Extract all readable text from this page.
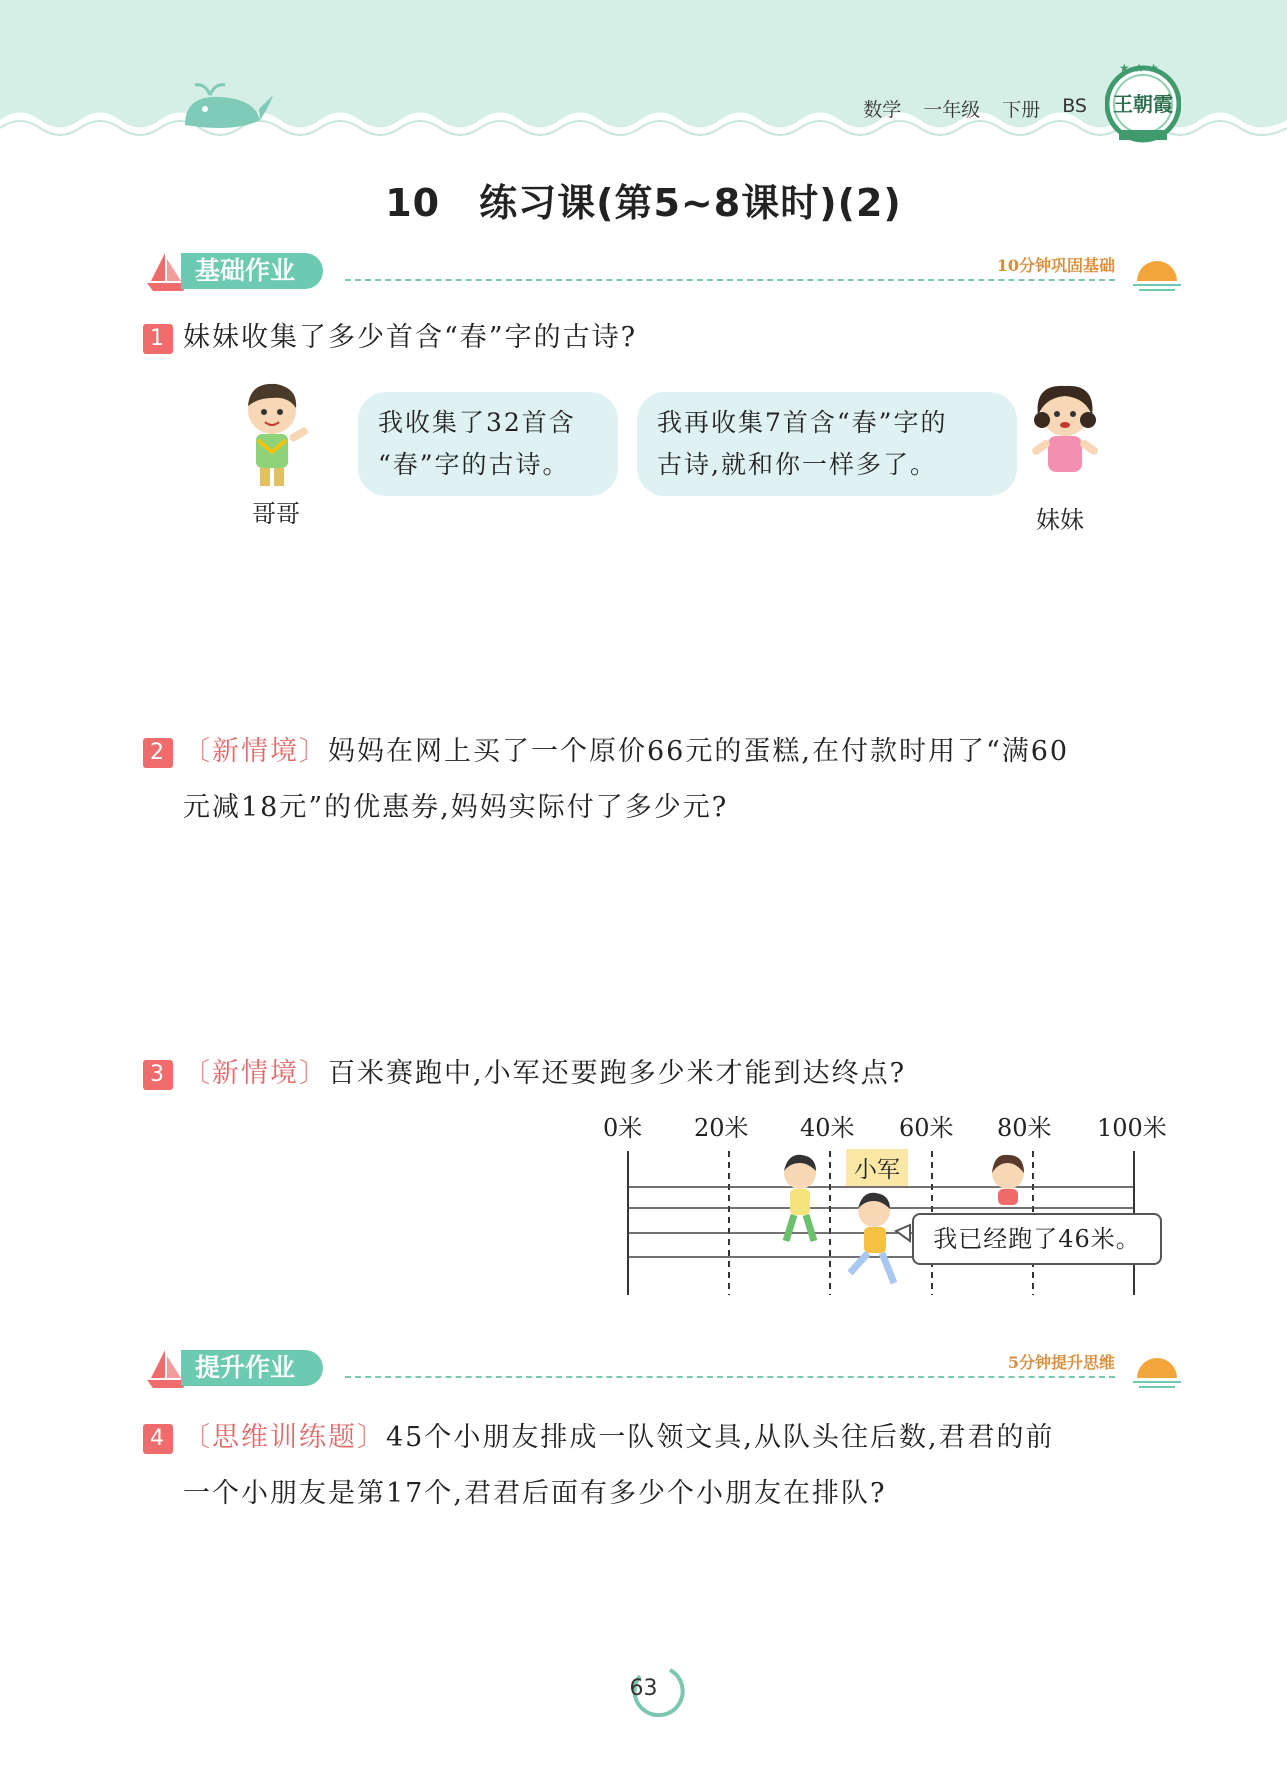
数学 一年级 下册 BS
★ ★ ★
王朝霞
10　练习课(第5~8课时)(2)
基础作业	10分钟巩固基础
1 妹妹收集了多少首含“春”字的古诗?
哥哥
我收集了32首含
“春”字的古诗。
我再收集7首含“春”字的
古诗,就和你一样多了。
妹妹
2 〔新情境〕妈妈在网上买了一个原价66元的蛋糕,在付款时用了“满60
元减18元”的优惠券,妈妈实际付了多少元?
3 〔新情境〕百米赛跑中,小军还要跑多少米才能到达终点?
0米 20米 40米 60米 80米 100米
小军
我已经跑了46米。
提升作业	5分钟提升思维
4 〔思维训练题〕45个小朋友排成一队领文具,从队头往后数,君君的前
一个小朋友是第17个,君君后面有多少个小朋友在排队?
63
